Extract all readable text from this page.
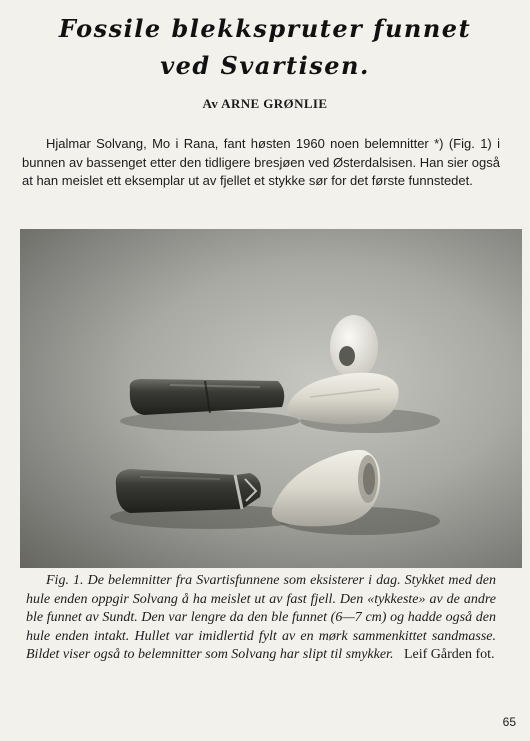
Fossile blekkspruter funnet
ved Svartisen.
Av ARNE GRØNLIE

Hjalmar Solvang, Mo i Rana, fant høsten 1960 noen belemnitter *) (Fig. 1) i bunnen av bassenget etter den tidligere bresjøen ved Østerdalsisen. Han sier også at han meislet ett eksemplar ut av fjellet et stykke sør for det første funnstedet.

Fig. 1. De belemnitter fra Svartisfunnene som eksisterer i dag. Stykket med den hule enden oppgir Solvang å ha meislet ut av fast fjell. Den «tykkeste» av de andre ble funnet av Sundt. Den var lengre da den ble funnet (6—7 cm) og hadde også den hule enden intakt. Hullet var imidlertid fylt av en mørk sammenkittet sandmasse. Bildet viser også to belemnitter som Solvang har slipt til smykker. Leif Gården fot.

65
